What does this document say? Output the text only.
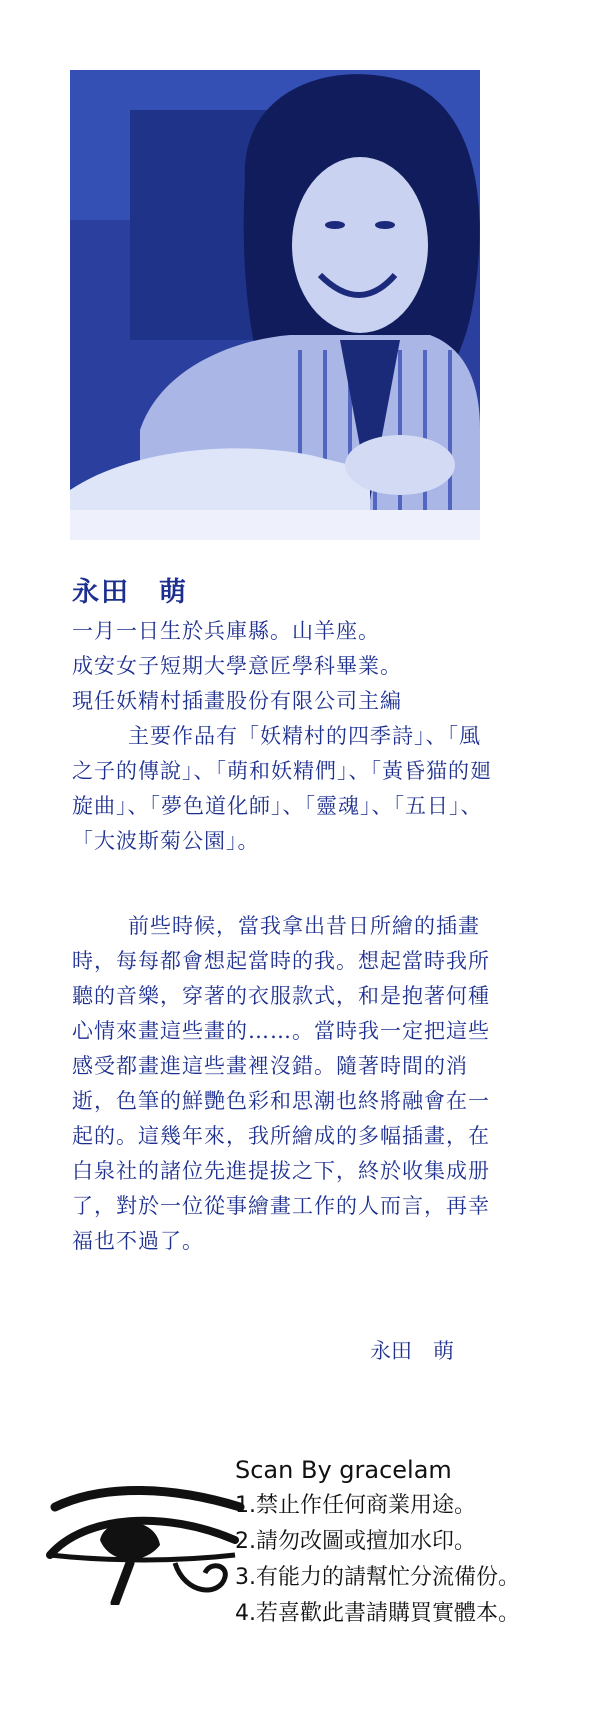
永田　萌

一月一日生於兵庫縣。山羊座。

成安女子短期大學意匠學科畢業。

現任妖精村插畫股份有限公司主編

主要作品有「妖精村的四季詩」、「風之子的傳說」、「萌和妖精們」、「黃昏猫的廻旋曲」、「夢色道化師」、「靈魂」、「五日」、「大波斯菊公園」。

前些時候，當我拿出昔日所繪的插畫時，每每都會想起當時的我。想起當時我所聽的音樂，穿著的衣服款式，和是抱著何種心情來畫這些畫的……。當時我一定把這些感受都畫進這些畫裡沒錯。隨著時間的消逝，色筆的鮮艷色彩和思潮也終將融會在一起的。這幾年來，我所繪成的多幅插畫，在白泉社的諸位先進提拔之下，終於收集成册了，對於一位從事繪畫工作的人而言，再幸福也不過了。
永田　萌
Scan By gracelam
1.禁止作任何商業用途。
2.請勿改圖或擅加水印。
3.有能力的請幫忙分流備份。
4.若喜歡此書請購買實體本。
